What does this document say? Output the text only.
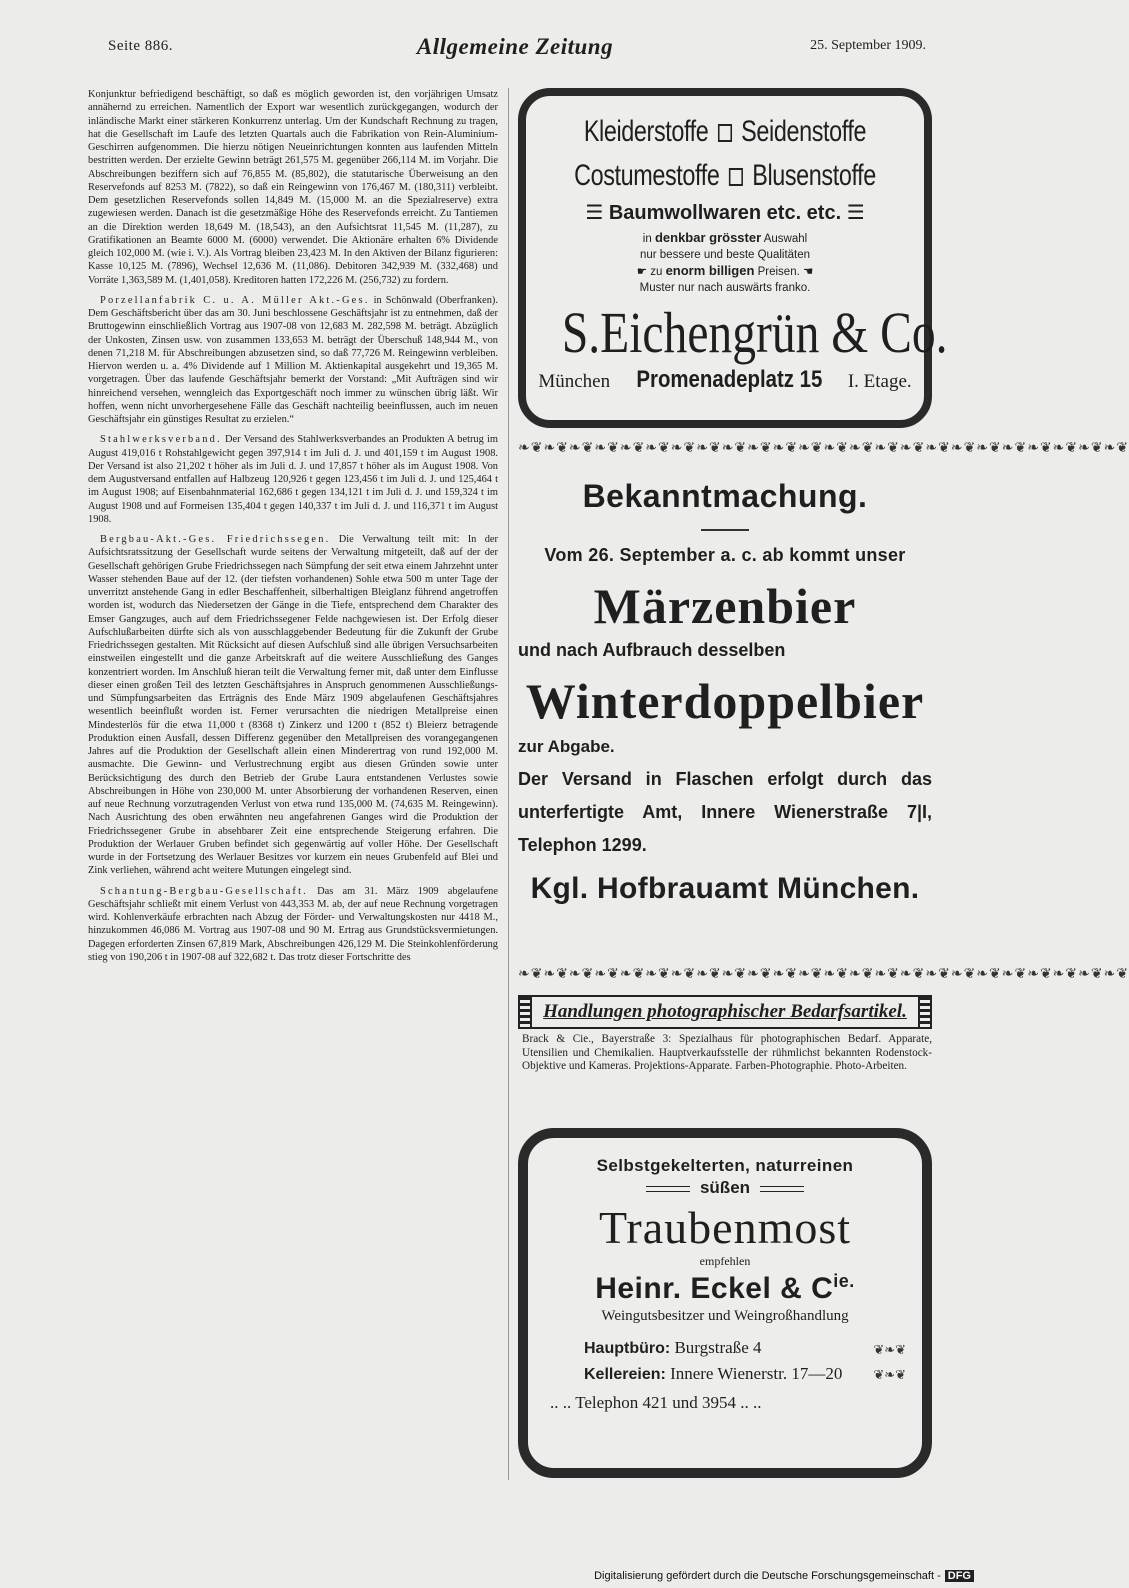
Seite 886.	Allgemeine Zeitung	25. September 1909.

Konjunktur befriedigend beschäftigt, so daß es möglich geworden ist, den vorjährigen Umsatz annähernd zu erreichen. Namentlich der Export war wesentlich zurückgegangen, wodurch der inländische Markt einer stärkeren Konkurrenz unterlag. Um der Kundschaft Rechnung zu tragen, hat die Gesellschaft im Laufe des letzten Quartals auch die Fabrikation von Rein-Aluminium-Geschirren aufgenommen. Die hierzu nötigen Neueinrichtungen konnten aus laufenden Mitteln bestritten werden. Der erzielte Gewinn beträgt 261,575 M. gegenüber 266,114 M. im Vorjahr. Die Abschreibungen beziffern sich auf 76,855 M. (85,802), die statutarische Überweisung an den Reservefonds auf 8253 M. (7822), so daß ein Reingewinn von 176,467 M. (180,311) verbleibt. Dem gesetzlichen Reservefonds sollen 14,849 M. (15,000 M. an die Spezialreserve) extra zugewiesen werden. Danach ist die gesetzmäßige Höhe des Reservefonds erreicht. Zu Tantiemen an die Direktion werden 18,649 M. (18,543), an den Aufsichtsrat 11,545 M. (11,287), zu Gratifikationen an Beamte 6000 M. (6000) verwendet. Die Aktionäre erhalten 6% Dividende gleich 102,000 M. (wie i. V.). Als Vortrag bleiben 23,423 M. In den Aktiven der Bilanz figurieren: Kasse 10,125 M. (7896), Wechsel 12,636 M. (11,086). Debitoren 342,939 M. (332,468) und Vorräte 1,363,589 M. (1,401,058). Kreditoren hatten 172,226 M. (256,732) zu fordern.

Porzellanfabrik C. u. A. Müller Akt.-Ges. in Schönwald (Oberfranken). Dem Geschäftsbericht über das am 30. Juni beschlossene Geschäftsjahr ist zu entnehmen, daß der Bruttogewinn einschließlich Vortrag aus 1907-08 von 12,683 M. 282,598 M. beträgt. Abzüglich der Unkosten, Zinsen usw. von zusammen 133,653 M. beträgt der Überschuß 148,944 M., von denen 71,218 M. für Abschreibungen abzusetzen sind, so daß 77,726 M. Reingewinn verbleiben. Hiervon werden u. a. 4% Dividende auf 1 Million M. Aktienkapital ausgekehrt und 19,365 M. vorgetragen. Über das laufende Geschäftsjahr bemerkt der Vorstand: „Mit Aufträgen sind wir hinreichend versehen, wenngleich das Exportgeschäft noch immer zu wünschen übrig läßt. Wir hoffen, wenn nicht unvorhergesehene Fälle das Geschäft nachteilig beeinflussen, auch im neuen Geschäftsjahr ein günstiges Resultat zu erzielen.“

Stahlwerksverband. Der Versand des Stahlwerksverbandes an Produkten A betrug im August 419,016 t Rohstahlgewicht gegen 397,914 t im Juli d. J. und 401,159 t im August 1908. Der Versand ist also 21,202 t höher als im Juli d. J. und 17,857 t höher als im August 1908. Von dem Augustversand entfallen auf Halbzeug 120,926 t gegen 123,456 t im Juli d. J. und 125,464 t im August 1908; auf Eisenbahnmaterial 162,686 t gegen 134,121 t im Juli d. J. und 159,324 t im August 1908 und auf Formeisen 135,404 t gegen 140,337 t im Juli d. J. und 116,371 t im August 1908.

Bergbau-Akt.-Ges. Friedrichssegen. Die Verwaltung teilt mit: In der Aufsichtsratssitzung der Gesellschaft wurde seitens der Verwaltung mitgeteilt, daß auf der der Gesellschaft gehörigen Grube Friedrichssegen nach Sümpfung der seit etwa einem Jahrzehnt unter Wasser stehenden Baue auf der 12. (der tiefsten vorhandenen) Sohle etwa 500 m unter Tage der unverritzt anstehende Gang in edler Beschaffenheit, silberhaltigen Bleiglanz führend angetroffen worden ist, wodurch das Niedersetzen der Gänge in die Tiefe, entsprechend dem Charakter des Emser Gangzuges, auch auf dem Friedrichssegener Felde nachgewiesen ist. Der Erfolg dieser Aufschlußarbeiten dürfte sich als von ausschlaggebender Bedeutung für die Zukunft der Grube Friedrichssegen gestalten. Mit Rücksicht auf diesen Aufschluß sind alle übrigen Versuchsarbeiten einstweilen eingestellt und die ganze Arbeitskraft auf die weitere Ausschließung des Ganges konzentriert worden. Im Anschluß hieran teilt die Verwaltung ferner mit, daß unter dem Einflusse dieser einen großen Teil des letzten Geschäftsjahres in Anspruch genommenen Ausschließungs- und Sümpfungsarbeiten das Erträgnis des Ende März 1909 abgelaufenen Geschäftsjahres wesentlich beeinflußt worden ist. Ferner verursachten die niedrigen Metallpreise einen Mindesterlös für die etwa 11,000 t (8368 t) Zinkerz und 1200 t (852 t) Bleierz betragende Produktion einen Ausfall, dessen Differenz gegenüber den Metallpreisen des vorangegangenen Jahres auf die Produktion der Gesellschaft allein einen Minderertrag von rund 192,000 M. ausmachte. Die Gewinn- und Verlustrechnung ergibt aus diesen Gründen sowie unter Berücksichtigung des durch den Betrieb der Grube Laura entstandenen Verlustes sowie Abschreibungen in Höhe von 230,000 M. unter Absorbierung der vorhandenen Reserven, einen auf neue Rechnung vorzutragenden Verlust von etwa rund 135,000 M. (74,635 M. Reingewinn). Nach Ausrichtung des oben erwähnten neu angefahrenen Ganges wird die Produktion der Friedrichssegener Grube in absehbarer Zeit eine entsprechende Steigerung erfahren. Die Produktion der Werlauer Gruben befindet sich gegenwärtig auf voller Höhe. Der Gesellschaft wurde in der Fortsetzung des Werlauer Besitzes vor kurzem ein neues Grubenfeld auf Blei und Zink verliehen, während acht weitere Mutungen eingelegt sind.

Schantung-Bergbau-Gesellschaft. Das am 31. März 1909 abgelaufene Geschäftsjahr schließt mit einem Verlust von 443,353 M. ab, der auf neue Rechnung vorgetragen wird. Kohlenverkäufe erbrachten nach Abzug der Förder- und Verwaltungskosten nur 4418 M., hinzukommen 46,086 M. Vortrag aus 1907-08 und 90 M. Ertrag aus Grundstücksvermietungen. Dagegen erforderten Zinsen 67,819 Mark, Abschreibungen 426,129 M. Die Steinkohlenförderung stieg von 190,206 t in 1907-08 auf 322,682 t. Das trotz dieser Fortschritte des

Kleiderstoffe Seidenstoffe
Costumestoffe Blusenstoffe
☰ Baumwollwaren etc. etc. ☰
in denkbar grösster Auswahl
nur bessere und beste Qualitäten
☛ zu enorm billigen Preisen. ☚
Muster nur nach auswärts franko.
S.Eichengrün & Co.
München Promenadeplatz 15 I. Etage.
❧❦❧❦❧❦❧❦❧❦❧❦❧❦❧❦❧❦❧❦❧❦❧❦❧❦❧❦❧❦❧❦❧❦❧❦❧❦❧❦❧❦❧❦❧❦❧❦
Bekanntmachung.
Vom 26. September a. c. ab kommt unser
Märzenbier
und nach Aufbrauch desselben
Winterdoppelbier
zur Abgabe.
Der Versand in Flaschen erfolgt durch das unterfertigte Amt, Innere Wienerstraße 7|I, Telephon 1299.
Kgl. Hofbrauamt München.
❧❦❧❦❧❦❧❦❧❦❧❦❧❦❧❦❧❦❧❦❧❦❧❦❧❦❧❦❧❦❧❦❧❦❧❦❧❦❧❦❧❦❧❦❧❦❧❦
Handlungen photographischer Bedarfsartikel.
Brack & Cie., Bayerstraße 3: Spezialhaus für photographischen Bedarf. Apparate, Utensilien und Chemikalien. Hauptverkaufsstelle der rühmlichst bekannten Rodenstock-Objektive und Kameras. Projektions-Apparate. Farben-Photographie. Photo-Arbeiten.
Selbstgekelterten, naturreinen
süßen
Traubenmost
empfehlen
Heinr. Eckel & $C^{ie.}$
Weingutsbesitzer und Weingroßhandlung
❦❧❦
❦❧❦
Hauptbüro: Burgstraße 4
Kellereien: Innere Wienerstr. 17—20
.. .. Telephon 421 und 3954 .. ..
Digitalisierung gefördert durch die Deutsche Forschungsgemeinschaft - DFG
